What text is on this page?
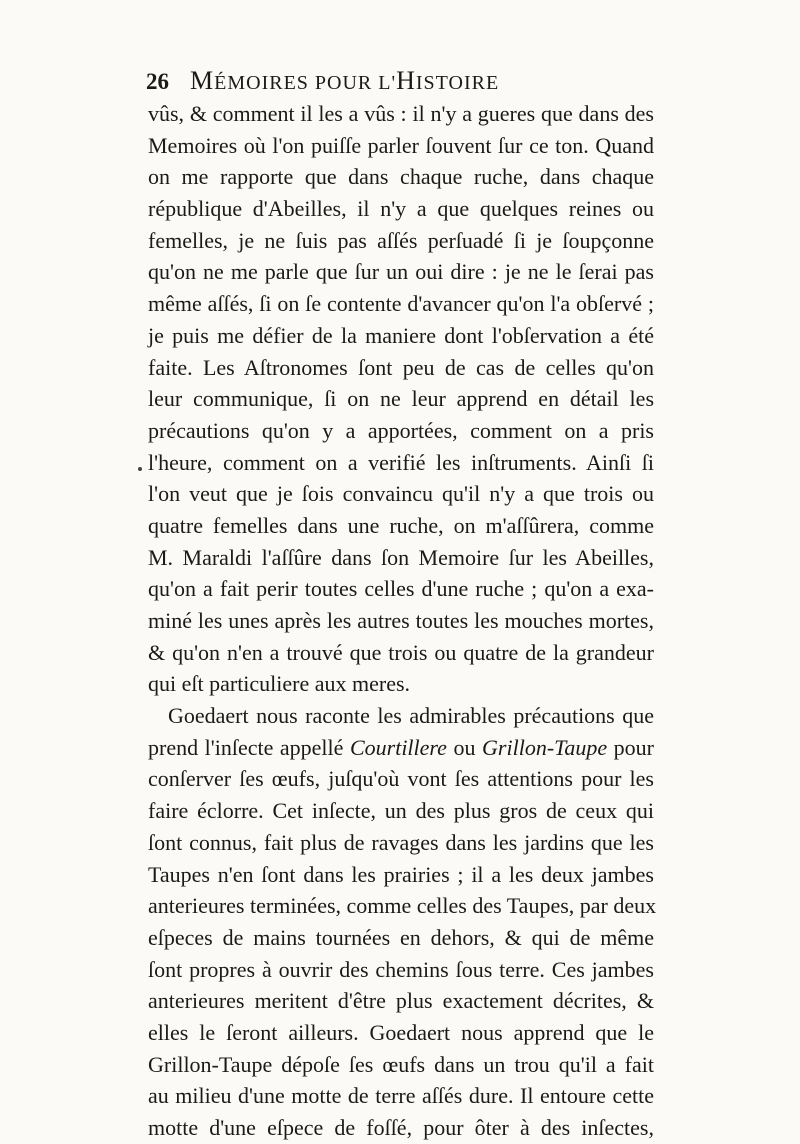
26 MÉMOIRES POUR L'HISTOIRE
vûs, & comment il les a vûs : il n'y a gueres que dans des
Memoires où l'on puiſſe parler ſouvent ſur ce ton. Quand
on me rapporte que dans chaque ruche, dans chaque
république d'Abeilles, il n'y a que quelques reines ou
femelles, je ne ſuis pas aſſés perſuadé ſi je ſoupçonne
qu'on ne me parle que ſur un oui dire : je ne le ſerai pas
même aſſés, ſi on ſe contente d'avancer qu'on l'a obſervé ;
je puis me défier de la maniere dont l'obſervation a été
faite. Les Aſtronomes ſont peu de cas de celles qu'on
leur communique, ſi on ne leur apprend en détail les
précautions qu'on y a apportées, comment on a pris
l'heure, comment on a verifié les inſtruments. Ainſi ſi
l'on veut que je ſois convaincu qu'il n'y a que trois ou
quatre femelles dans une ruche, on m'aſſûrera, comme
M. Maraldi l'aſſûre dans ſon Memoire ſur les Abeilles,
qu'on a fait perir toutes celles d'une ruche ; qu'on a exa-
miné les unes après les autres toutes les mouches mortes,
& qu'on n'en a trouvé que trois ou quatre de la grandeur
qui eſt particuliere aux meres.
Goedaert nous raconte les admirables précautions que
prend l'inſecte appellé Courtillere ou Grillon-Taupe pour
conſerver ſes œufs, juſqu'où vont ſes attentions pour les
faire éclorre. Cet inſecte, un des plus gros de ceux qui
ſont connus, fait plus de ravages dans les jardins que les
Taupes n'en ſont dans les prairies ; il a les deux jambes
anterieures terminées, comme celles des Taupes, par deux
eſpeces de mains tournées en dehors, & qui de même
ſont propres à ouvrir des chemins ſous terre. Ces jambes
anterieures meritent d'être plus exactement décrites, &
elles le ſeront ailleurs. Goedaert nous apprend que le
Grillon-Taupe dépoſe ſes œufs dans un trou qu'il a fait
au milieu d'une motte de terre aſſés dure. Il entoure cette
motte d'une eſpece de foſſé, pour ôter à des inſectes,
